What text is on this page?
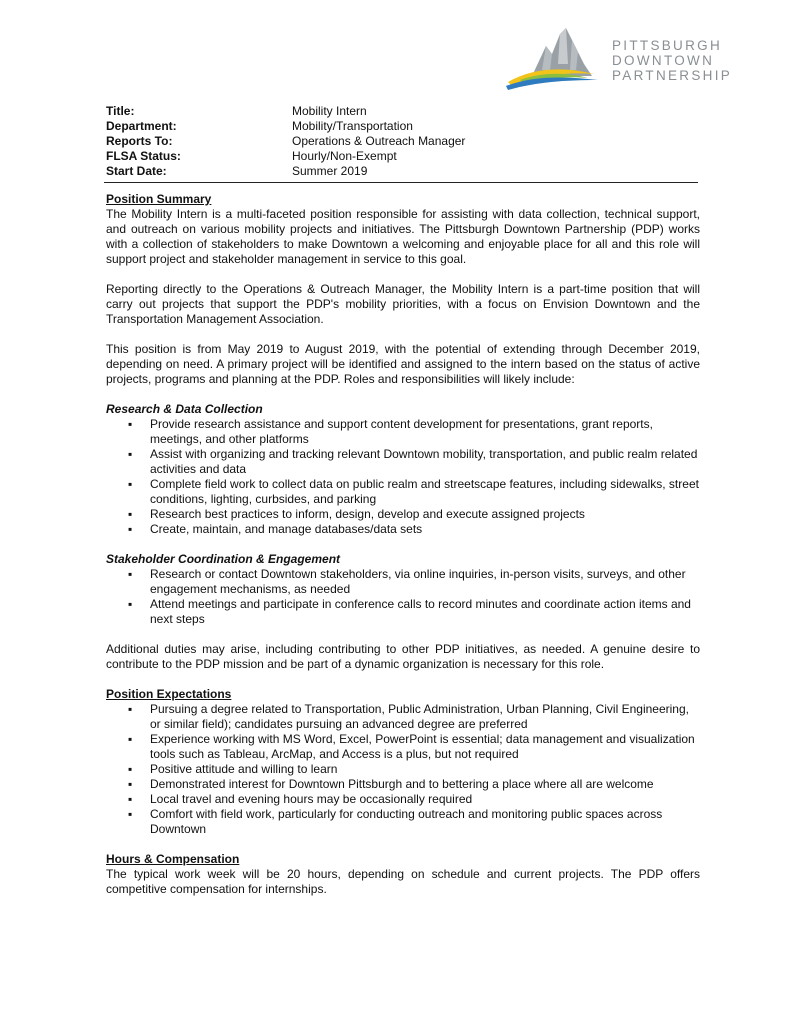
PITTSBURGH
DOWNTOWN
PARTNERSHIP
Title:	Mobility Intern
Department:	Mobility/Transportation
Reports To:	Operations & Outreach Manager
FLSA Status:	Hourly/Non-Exempt
Start Date:	Summer 2019
Position Summary

The Mobility Intern is a multi-faceted position responsible for assisting with data collection, technical support, and outreach on various mobility projects and initiatives. The Pittsburgh Downtown Partnership (PDP) works with a collection of stakeholders to make Downtown a welcoming and enjoyable place for all and this role will support project and stakeholder management in service to this goal.

Reporting directly to the Operations & Outreach Manager, the Mobility Intern is a part-time position that will carry out projects that support the PDP's mobility priorities, with a focus on Envision Downtown and the Transportation Management Association.

This position is from May 2019 to August 2019, with the potential of extending through December 2019, depending on need. A primary project will be identified and assigned to the intern based on the status of active projects, programs and planning at the PDP. Roles and responsibilities will likely include:

Research & Data Collection
▪ Provide research assistance and support content development for presentations, grant reports, meetings, and other platforms
▪ Assist with organizing and tracking relevant Downtown mobility, transportation, and public realm related activities and data
▪ Complete field work to collect data on public realm and streetscape features, including sidewalks, street conditions, lighting, curbsides, and parking
▪ Research best practices to inform, design, develop and execute assigned projects
▪ Create, maintain, and manage databases/data sets
Stakeholder Coordination & Engagement
▪ Research or contact Downtown stakeholders, via online inquiries, in-person visits, surveys, and other engagement mechanisms, as needed
▪ Attend meetings and participate in conference calls to record minutes and coordinate action items and next steps

Additional duties may arise, including contributing to other PDP initiatives, as needed. A genuine desire to contribute to the PDP mission and be part of a dynamic organization is necessary for this role.

Position Expectations
▪ Pursuing a degree related to Transportation, Public Administration, Urban Planning, Civil Engineering, or similar field); candidates pursuing an advanced degree are preferred
▪ Experience working with MS Word, Excel, PowerPoint is essential; data management and visualization tools such as Tableau, ArcMap, and Access is a plus, but not required
▪ Positive attitude and willing to learn
▪ Demonstrated interest for Downtown Pittsburgh and to bettering a place where all are welcome
▪ Local travel and evening hours may be occasionally required
▪ Comfort with field work, particularly for conducting outreach and monitoring public spaces across Downtown
Hours & Compensation

The typical work week will be 20 hours, depending on schedule and current projects. The PDP offers competitive compensation for internships.
